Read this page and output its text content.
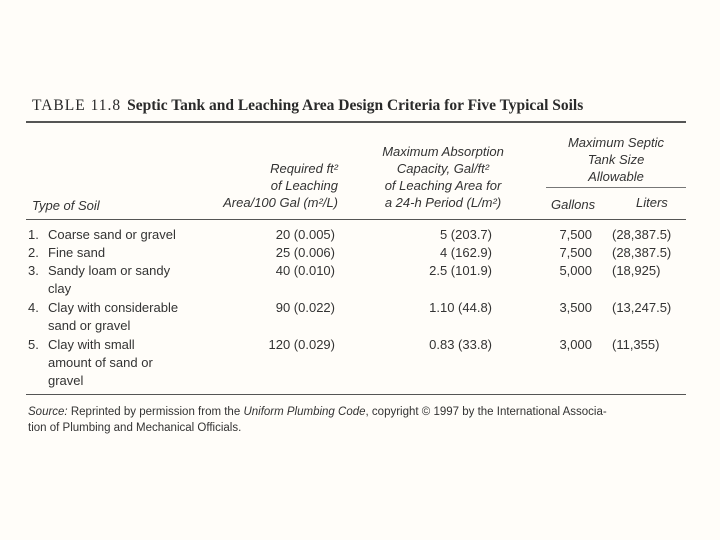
TABLE 11.8 Septic Tank and Leaching Area Design Criteria for Five Typical Soils
Type of Soil
Required ft²
of Leaching
Area/100 Gal (m²/L)
Maximum Absorption
Capacity, Gal/ft²
of Leaching Area for
a 24-h Period (L/m²)
Maximum Septic
Tank Size
Allowable
Gallons	Liters
1. Coarse sand or gravel	20 (0.005)	5 (203.7)	7,500 (28,387.5)
2. Fine sand	25 (0.006)	4 (162.9)	7,500 (28,387.5)
3. Sandy loam or sandy
clay
40 (0.010)	2.5 (101.9)	5,000 (18,925)
4. Clay with considerable
sand or gravel
90 (0.022)	1.10 (44.8)	3,500 (13,247.5)
5. Clay with small
amount of sand or
gravel
120 (0.029)	0.83 (33.8)	3,000 (11,355)
Source: Reprinted by permission from the Uniform Plumbing Code, copyright © 1997 by the International Associa-
tion of Plumbing and Mechanical Officials.
